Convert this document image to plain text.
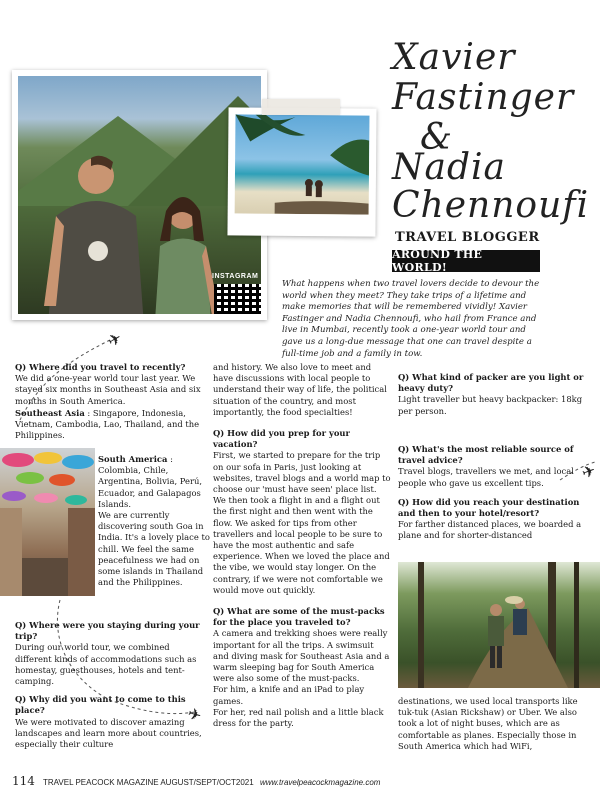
INSTAGRAM
Xavier
Fastinger
&
Nadia
Chennoufi
TRAVEL BLOGGER
AROUND THE WORLD!
What happens when two travel lovers decide to devour the world when they meet? They take trips of a lifetime and make memories that will be remembered vividly! Xavier Fastinger and Nadia Chennoufi, who hail from France and live in Mumbai, recently took a one-year world tour and gave us a long-due message that one can travel despite a full-time job and a family in tow.
✈
✈
✈

Q) Where did you travel to recently?

We did a one-year world tour last year. We stayed six months in Southeast Asia and six months in South America.

Southeast Asia : Singapore, Indonesia, Vietnam, Cambodia, Lao, Thailand, and the Philippines.

South America : Colombia, Chile, Argentina, Bolivia, Perú, Ecuador, and Galapagos Islands.

We are currently discovering south Goa in India. It's a lovely place to chill. We feel the same peacefulness we had on some islands in Thailand and the Philippines.

Q) Where were you staying during your trip?

During our world tour, we combined different kinds of accommodations such as homestay, guesthouses, hotels and tent-camping.

Q) Why did you want to come to this place?

We were motivated to discover amazing landscapes and learn more about countries, especially their culture

and history. We also love to meet and have discussions with local people to understand their way of life, the political situation of the country, and most importantly, the food specialties!

Q) How did you prep for your vacation?

First, we started to prepare for the trip on our sofa in Paris, just looking at websites, travel blogs and a world map to choose our 'must have seen' place list. We then took a flight in and a flight out the first night and then went with the flow. We asked for tips from other travellers and local people to be sure to have the most authentic and safe experience. When we loved the place and the vibe, we would stay longer. On the contrary, if we were not comfortable we would move out quickly.

Q) What are some of the must-packs for the place you traveled to?

A camera and trekking shoes were really important for all the trips. A swimsuit and diving mask for Southeast Asia and a warm sleeping bag for South America were also some of the must-packs.

For him, a knife and an iPad to play games.

For her, red nail polish and a little black dress for the party.

Q) What kind of packer are you light or heavy duty?

Light traveller but heavy backpacker: 18kg per person.

Q) What's the most reliable source of travel advice?

Travel blogs, travellers we met, and local people who gave us excellent tips.

Q) How did you reach your destination and then to your hotel/resort?

For farther distanced places, we boarded a plane and for shorter-distanced

destinations, we used local transports like tuk-tuk (Asian Rickshaw) or Uber. We also took a lot of night buses, which are as comfortable as planes. Especially those in South America which had WiFi,

114 TRAVEL PEACOCK MAGAZINE AUGUST/SEPT/OCT2021 www.travelpeacockmagazine.com
